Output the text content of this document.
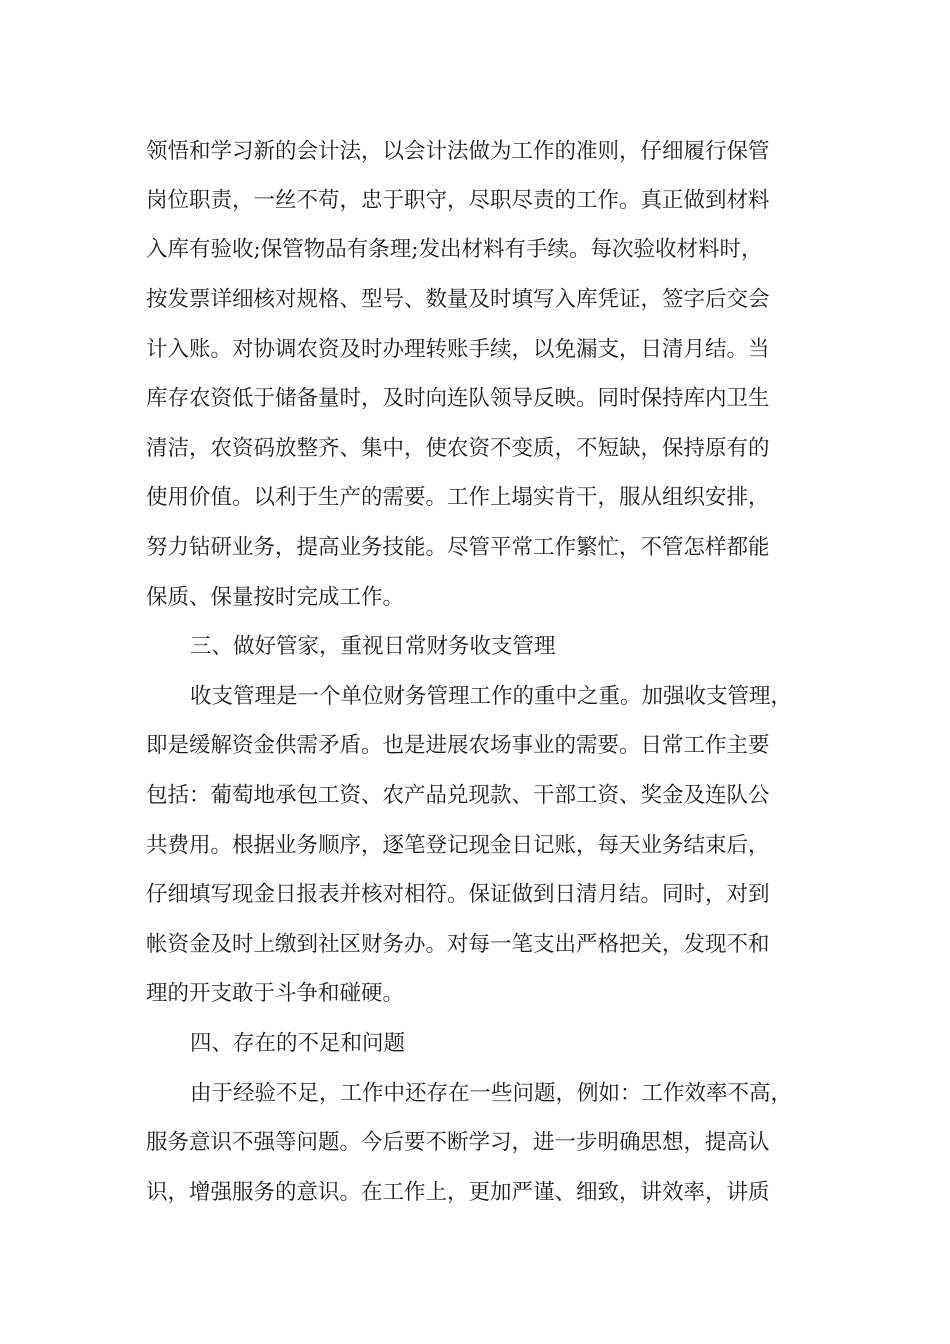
领悟和学习新的会计法，以会计法做为工作的准则，仔细履行保管
岗位职责，一丝不苟，忠于职守，尽职尽责的工作。真正做到材料
入库有验收;保管物品有条理;发出材料有手续。每次验收材料时，
按发票详细核对规格、型号、数量及时填写入库凭证，签字后交会
计入账。对协调农资及时办理转账手续，以免漏支，日清月结。当
库存农资低于储备量时，及时向连队领导反映。同时保持库内卫生
清洁，农资码放整齐、集中，使农资不变质，不短缺，保持原有的
使用价值。以利于生产的需要。工作上塌实肯干，服从组织安排，
努力钻研业务，提高业务技能。尽管平常工作繁忙，不管怎样都能
保质、保量按时完成工作。
三、做好管家，重视日常财务收支管理
收支管理是一个单位财务管理工作的重中之重。加强收支管理，
即是缓解资金供需矛盾。也是进展农场事业的需要。日常工作主要
包括：葡萄地承包工资、农产品兑现款、干部工资、奖金及连队公
共费用。根据业务顺序，逐笔登记现金日记账，每天业务结束后，
仔细填写现金日报表并核对相符。保证做到日清月结。同时，对到
帐资金及时上缴到社区财务办。对每一笔支出严格把关，发现不和
理的开支敢于斗争和碰硬。
四、存在的不足和问题
由于经验不足，工作中还存在一些问题，例如：工作效率不高，
服务意识不强等问题。今后要不断学习，进一步明确思想，提高认
识，增强服务的意识。在工作上，更加严谨、细致，讲效率，讲质
